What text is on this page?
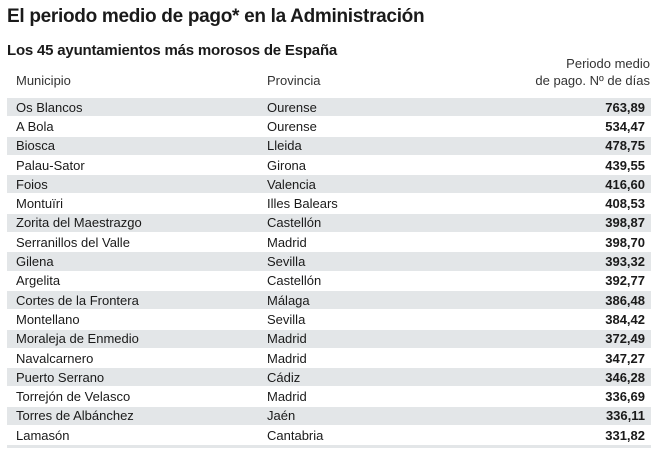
El periodo medio de pago* en la Administración
Los 45 ayuntamientos más morosos de España
Municipio	Provincia
Periodo medio
de pago. Nº de días
Os Blancos	Ourense	763,89
A Bola	Ourense	534,47
Biosca	Lleida	478,75
Palau-Sator	Girona	439,55
Foios	Valencia	416,60
Montuïri	Illes Balears	408,53
Zorita del Maestrazgo	Castellón	398,87
Serranillos del Valle	Madrid	398,70
Gilena	Sevilla	393,32
Argelita	Castellón	392,77
Cortes de la Frontera	Málaga	386,48
Montellano	Sevilla	384,42
Moraleja de Enmedio	Madrid	372,49
Navalcarnero	Madrid	347,27
Puerto Serrano	Cádiz	346,28
Torrejón de Velasco	Madrid	336,69
Torres de Albánchez	Jaén	336,11
Lamasón	Cantabria	331,82
